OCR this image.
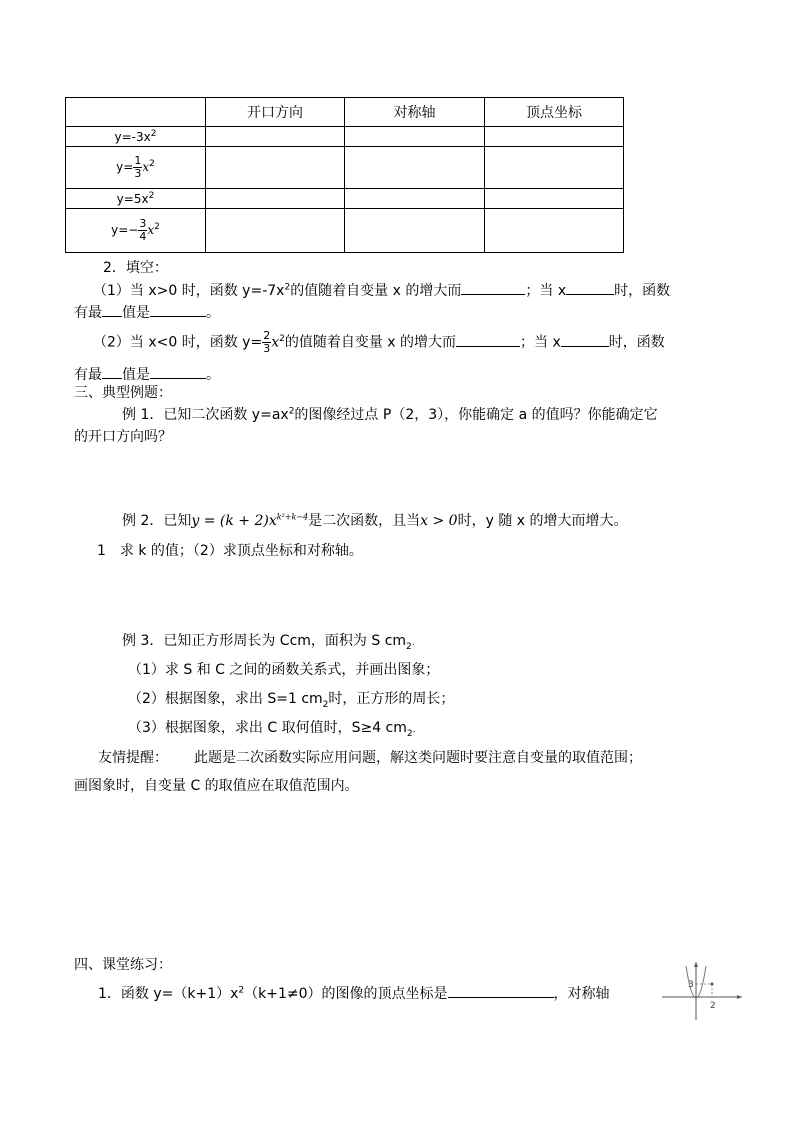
	开口方向	对称轴	顶点坐标
$y=-3x^2$			
$y= \frac{1}{3} x^2$			
$y=5x^2$			
$y=- \frac{3}{4} x^2$			
2．填空：
（1）当 x>0 时，函数 $y=-7x^2$的值随着自变量 x 的增大而	；当 x	时，函数
有最 值是	。
（2）当 x<0 时，函数 $y= \frac{2}{3} x^2$的值随着自变量 x 的增大而	；当 x	时，函数
有最 值是	。
三、典型例题：
例 1．已知二次函数 $y=ax^2$的图像经过点 P（2，3），你能确定 a 的值吗？你能确定它
的开口方向吗？
例 2．已知$y = (k + 2)x^{k^2+k-4}$是二次函数，且当x > 0时，y 随 x 的增大而增大。
1　求 k 的值；（2）求顶点坐标和对称轴。
例 3．已知正方形周长为 Ccm，面积为 S $cm_2$.
（1）求 S 和 C 之间的函数关系式，并画出图象；
（2）根据图象，求出 S=1 $cm_2$时，正方形的周长；
（3）根据图象，求出 C 取何值时，S≥4 $cm_2$.
友情提醒： 此题是二次函数实际应用问题，解这类问题时要注意自变量的取值范围；
画图象时，自变量 C 的取值应在取值范围内。
四、课堂练习：
1．函数 $y=(k+1)x^2(k+1\ne 0)$的图像的顶点坐标是	，对称轴
3
2
